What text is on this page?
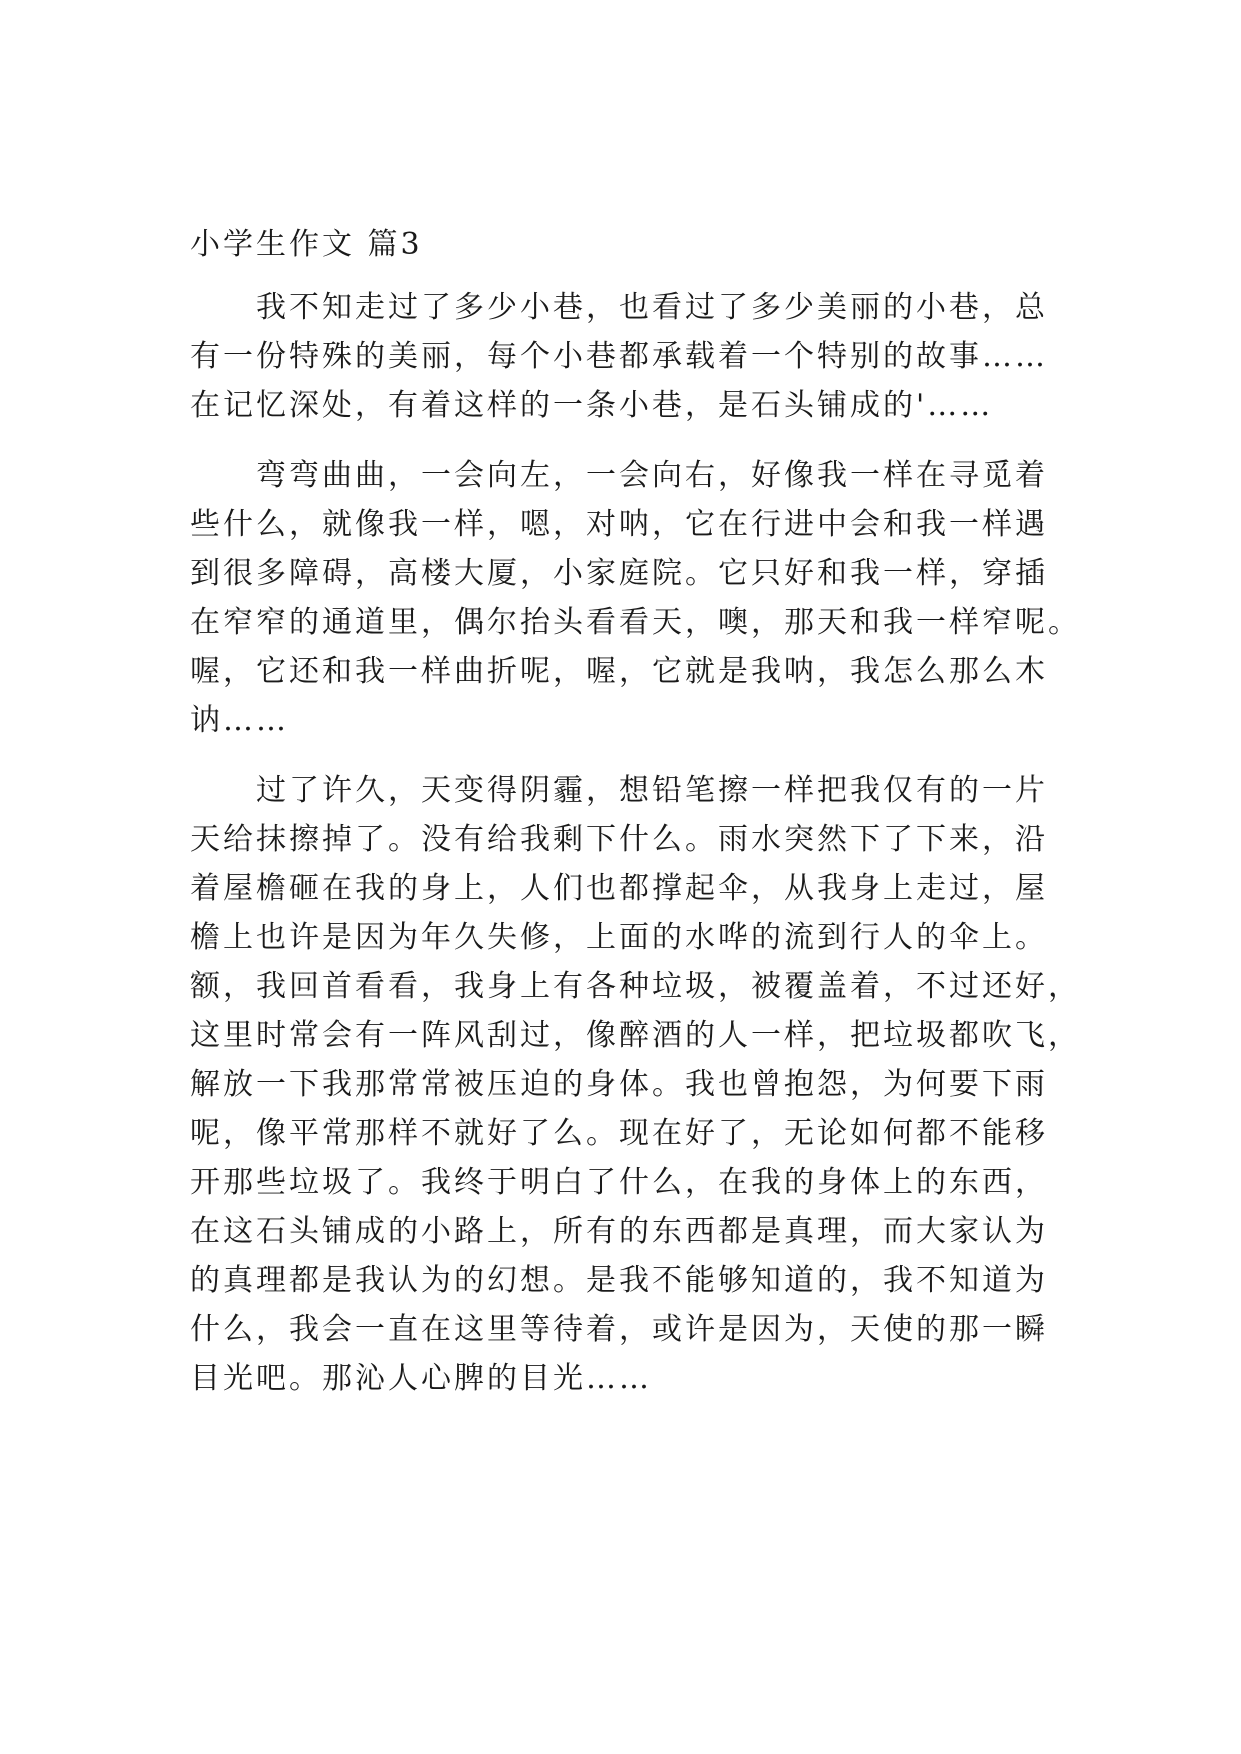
小学生作文 篇3
　　我不知走过了多少小巷，也看过了多少美丽的小巷，总
有一份特殊的美丽，每个小巷都承载着一个特别的故事……
在记忆深处，有着这样的一条小巷，是石头铺成的'……
　　弯弯曲曲，一会向左，一会向右，好像我一样在寻觅着
些什么，就像我一样，嗯，对呐，它在行进中会和我一样遇
到很多障碍，高楼大厦，小家庭院。它只好和我一样，穿插
在窄窄的通道里，偶尔抬头看看天，噢，那天和我一样窄呢。
喔，它还和我一样曲折呢，喔，它就是我呐，我怎么那么木
讷……
　　过了许久，天变得阴霾，想铅笔擦一样把我仅有的一片
天给抹擦掉了。没有给我剩下什么。雨水突然下了下来，沿
着屋檐砸在我的身上，人们也都撑起伞，从我身上走过，屋
檐上也许是因为年久失修，上面的水哗的流到行人的伞上。
额，我回首看看，我身上有各种垃圾，被覆盖着，不过还好，
这里时常会有一阵风刮过，像醉酒的人一样，把垃圾都吹飞，
解放一下我那常常被压迫的身体。我也曾抱怨，为何要下雨
呢，像平常那样不就好了么。现在好了，无论如何都不能移
开那些垃圾了。我终于明白了什么，在我的身体上的东西，
在这石头铺成的小路上，所有的东西都是真理，而大家认为
的真理都是我认为的幻想。是我不能够知道的，我不知道为
什么，我会一直在这里等待着，或许是因为，天使的那一瞬
目光吧。那沁人心脾的目光……
